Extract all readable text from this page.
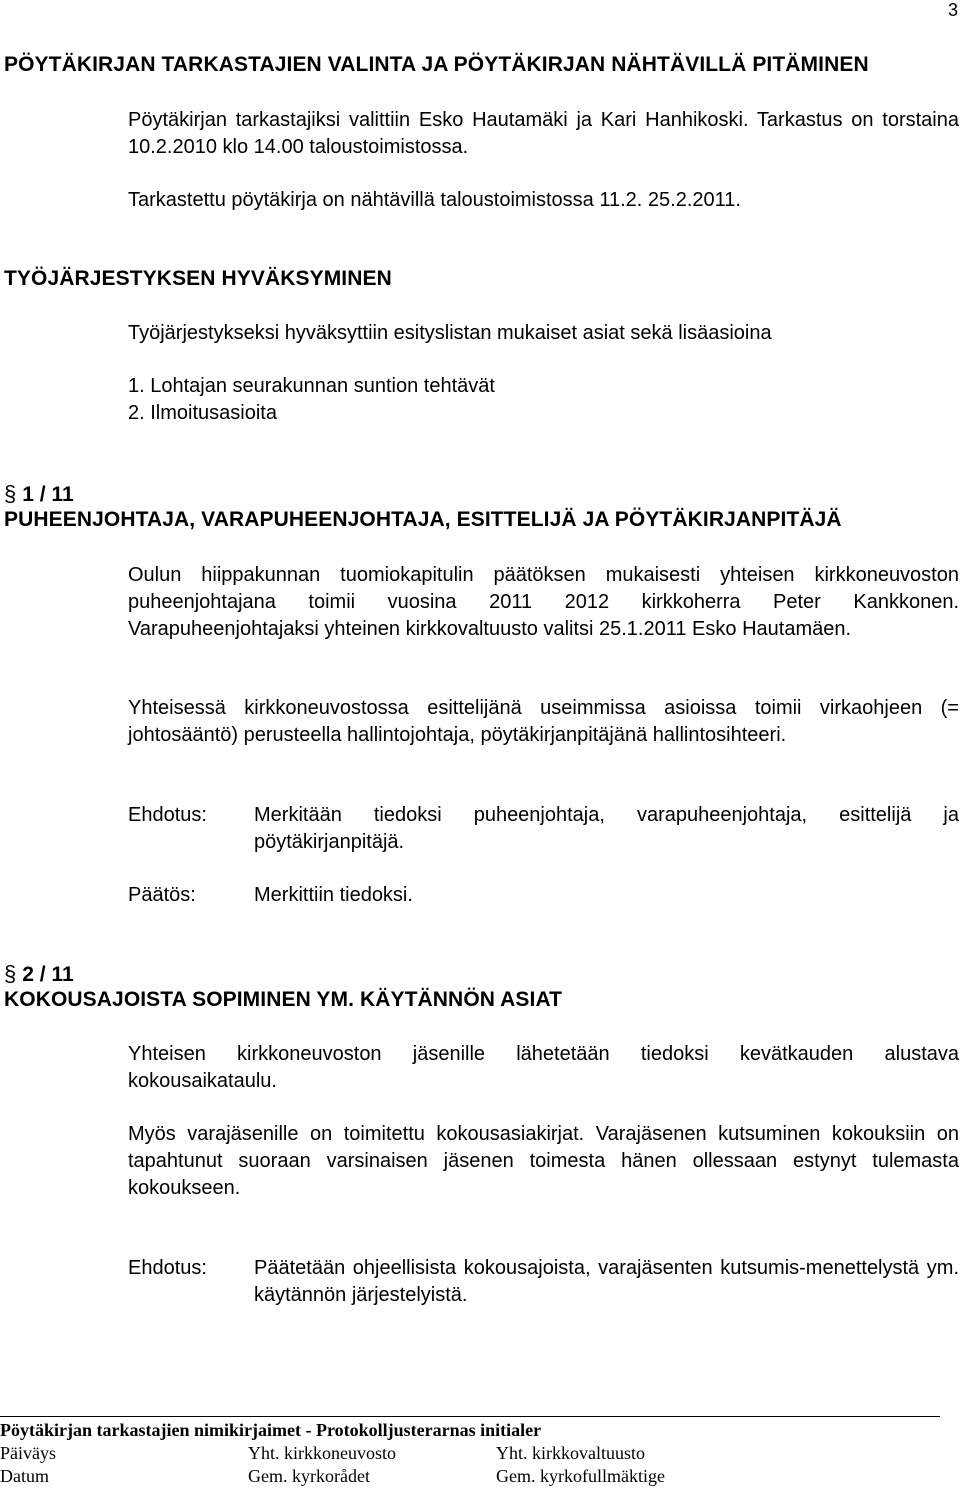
3
PÖYTÄKIRJAN TARKASTAJIEN VALINTA JA PÖYTÄKIRJAN NÄHTÄVILLÄ PITÄMINEN
Pöytäkirjan tarkastajiksi valittiin Esko Hautamäki ja Kari Hanhikoski. Tarkastus on torstaina 10.2.2010 klo 14.00 taloustoimistossa.
Tarkastettu pöytäkirja on nähtävillä taloustoimistossa 11.2. 25.2.2011.
TYÖJÄRJESTYKSEN HYVÄKSYMINEN
Työjärjestykseksi hyväksyttiin esityslistan mukaiset asiat sekä lisäasioina
1. Lohtajan seurakunnan suntion tehtävät
2. Ilmoitusasioita
§ 1 / 11
PUHEENJOHTAJA, VARAPUHEENJOHTAJA, ESITTELIJÄ JA PÖYTÄKIRJANPITÄJÄ
Oulun hiippakunnan tuomiokapitulin päätöksen mukaisesti yhteisen kirkkoneuvoston puheenjohtajana toimii vuosina 2011 2012 kirkkoherra Peter Kankkonen. Varapuheenjohtajaksi yhteinen kirkkovaltuusto valitsi 25.1.2011 Esko Hautamäen.
Yhteisessä kirkkoneuvostossa esittelijänä useimmissa asioissa toimii virkaohjeen (= johtosääntö) perusteella hallintojohtaja, pöytäkirjanpitäjänä hallintosihteeri.
Ehdotus: Merkitään tiedoksi puheenjohtaja, varapuheenjohtaja, esittelijä ja pöytäkirjanpitäjä.
Päätös:	Merkittiin tiedoksi.
§ 2 / 11
KOKOUSAJOISTA SOPIMINEN YM. KÄYTÄNNÖN ASIAT
Yhteisen kirkkoneuvoston jäsenille lähetetään tiedoksi kevätkauden alustava kokousaikataulu.
Myös varajäsenille on toimitettu kokousasiakirjat. Varajäsenen kutsuminen kokouksiin on tapahtunut suoraan varsinaisen jäsenen toimesta hänen ollessaan estynyt tulemasta kokoukseen.
Ehdotus: Päätetään ohjeellisista kokousajoista, varajäsenten kutsumis-menettelystä ym. käytännön järjestelyistä.
Pöytäkirjan tarkastajien nimikirjaimet - Protokolljusterarnas initialer
Päiväys	Yht. kirkkoneuvosto	Yht. kirkkovaltuusto
Datum	Gem. kyrkorådet	Gem. kyrkofullmäktige
